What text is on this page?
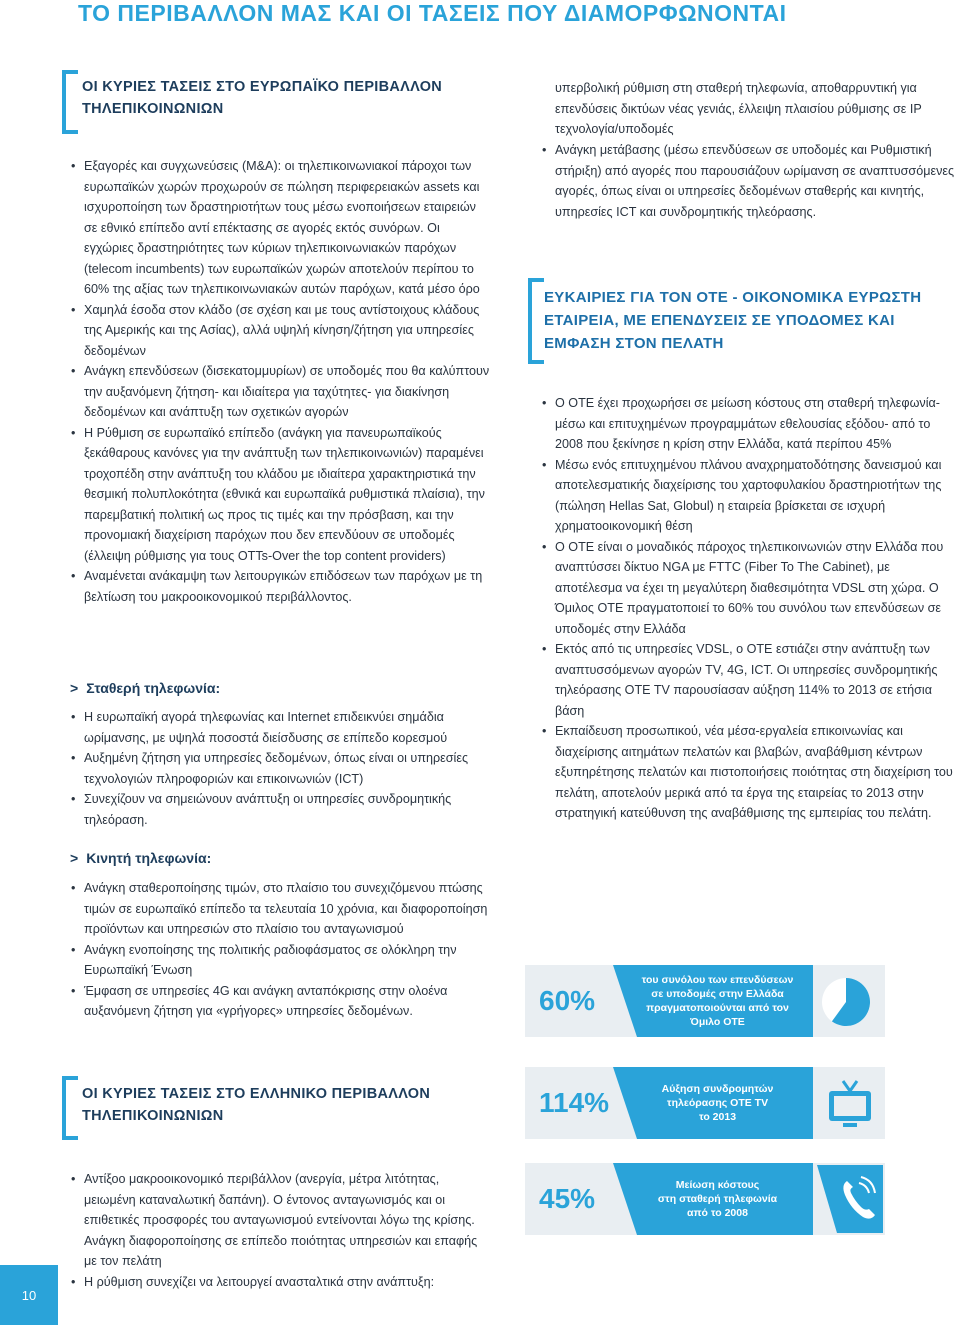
ΤΟ ΠΕΡΙΒΑΛΛΟΝ ΜΑΣ ΚΑΙ ΟΙ ΤΑΣΕΙΣ ΠΟΥ ΔΙΑΜΟΡΦΩΝΟΝΤΑΙ
ΟΙ ΚΥΡΙΕΣ ΤΑΣΕΙΣ ΣΤΟ ΕΥΡΩΠΑΪΚΟ ΠΕΡΙΒΑΛΛΟΝ
ΤΗΛΕΠΙΚΟΙΝΩΝΙΩΝ
• Εξαγορές και συγχωνεύσεις (M&A): οι τηλεπικοινωνιακοί πάροχοι των ευρωπαϊκών χωρών προχωρούν σε πώληση περιφερειακών assets και ισχυροποίηση των δραστηριοτήτων τους μέσω ενοποιήσεων εταιρειών σε εθνικό επίπεδο αντί επέκτασης σε αγορές εκτός συνόρων. Οι εγχώριες δραστηριότητες των κύριων τηλεπικοινωνιακών παρόχων (telecom incumbents) των ευρωπαϊκών χωρών αποτελούν περίπου το 60% της αξίας των τηλεπικοινωνιακών αυτών παρόχων, κατά μέσο όρο
• Χαμηλά έσοδα στον κλάδο (σε σχέση και με τους αντίστοιχους κλάδους της Αμερικής και της Ασίας), αλλά υψηλή κίνηση/ζήτηση για υπηρεσίες δεδομένων
• Ανάγκη επενδύσεων (δισεκατομμυρίων) σε υποδομές που θα καλύπτουν την αυξανόμενη ζήτηση- και ιδιαίτερα για ταχύτητες- για διακίνηση δεδομένων και ανάπτυξη των σχετικών αγορών
• Η Ρύθμιση σε ευρωπαϊκό επίπεδο (ανάγκη για πανευρωπαϊκούς ξεκάθαρους κανόνες για την ανάπτυξη των τηλεπικοινωνιών) παραμένει τροχοπέδη στην ανάπτυξη του κλάδου με ιδιαίτερα χαρακτηριστικά την θεσμική πολυπλοκότητα (εθνικά και ευρωπαϊκά ρυθμιστικά πλαίσια), την παρεμβατική πολιτική ως προς τις τιμές και την πρόσβαση, και την προνομιακή διαχείριση παρόχων που δεν επενδύουν σε υποδομές (έλλειψη ρύθμισης για τους OTTs-Over the top content providers)
• Αναμένεται ανάκαμψη των λειτουργικών επιδόσεων των παρόχων με τη βελτίωση του μακροοικονομικού περιβάλλοντος.
> Σταθερή τηλεφωνία:
• Η ευρωπαϊκή αγορά τηλεφωνίας και Internet επιδεικνύει σημάδια ωρίμανσης, με υψηλά ποσοστά διείσδυσης σε επίπεδο κορεσμού
• Αυξημένη ζήτηση για υπηρεσίες δεδομένων, όπως είναι οι υπηρεσίες τεχνολογιών πληροφοριών και επικοινωνιών (ICT)
• Συνεχίζουν να σημειώνουν ανάπτυξη οι υπηρεσίες συνδρομητικής τηλεόραση.
> Κινητή τηλεφωνία:
• Ανάγκη σταθεροποίησης τιμών, στο πλαίσιο του συνεχιζόμενου πτώσης τιμών σε ευρωπαϊκό επίπεδο τα τελευταία 10 χρόνια, και διαφοροποίηση προϊόντων και υπηρεσιών στο πλαίσιο του ανταγωνισμού
• Ανάγκη ενοποίησης της πολιτικής ραδιοφάσματος σε ολόκληρη την Ευρωπαϊκή Ένωση
• Έμφαση σε υπηρεσίες 4G και ανάγκη ανταπόκρισης στην ολοένα αυξανόμενη ζήτηση για «γρήγορες» υπηρεσίες δεδομένων.
ΟΙ ΚΥΡΙΕΣ ΤΑΣΕΙΣ ΣΤΟ ΕΛΛΗΝΙΚΟ ΠΕΡΙΒΑΛΛΟΝ
ΤΗΛΕΠΙΚΟΙΝΩΝΙΩΝ
• Αντίξοο μακροοικονομικό περιβάλλον (ανεργία, μέτρα λιτότητας, μειωμένη καταναλωτική δαπάνη). Ο έντονος ανταγωνισμός και οι επιθετικές προσφορές του ανταγωνισμού εντείνονται λόγω της κρίσης. Ανάγκη διαφοροποίησης σε επίπεδο ποιότητας υπηρεσιών και επαφής με τον πελάτη
• Η ρύθμιση συνεχίζει να λειτουργεί ανασταλτικά στην ανάπτυξη:
10
υπερβολική ρύθμιση στη σταθερή τηλεφωνία, αποθαρρυντική για επενδύσεις δικτύων νέας γενιάς, έλλειψη πλαισίου ρύθμισης σε IP τεχνολογία/υποδομές
• Ανάγκη μετάβασης (μέσω επενδύσεων σε υποδομές και Ρυθμιστική στήριξη) από αγορές που παρουσιάζουν ωρίμανση σε αναπτυσσόμενες αγορές, όπως είναι οι υπηρεσίες δεδομένων σταθερής και κινητής, υπηρεσίες ICT και συνδρομητικής τηλεόρασης.
ΕΥΚΑΙΡΙΕΣ ΓΙΑ ΤΟΝ ΟΤΕ - ΟΙΚΟΝΟΜΙΚΑ ΕΥΡΩΣΤΗ
ΕΤΑΙΡΕΙΑ, ΜΕ ΕΠΕΝΔΥΣΕΙΣ ΣΕ ΥΠΟΔΟΜΕΣ ΚΑΙ
ΕΜΦΑΣΗ ΣΤΟΝ ΠΕΛΑΤΗ
• Ο ΟΤΕ έχει προχωρήσει σε μείωση κόστους στη σταθερή τηλεφωνία- μέσω και επιτυχημένων προγραμμάτων εθελουσίας εξόδου- από το 2008 που ξεκίνησε η κρίση στην Ελλάδα, κατά περίπου 45%
• Μέσω ενός επιτυχημένου πλάνου αναχρηματοδότησης δανεισμού και αποτελεσματικής διαχείρισης του χαρτοφυλακίου δραστηριοτήτων της (πώληση Hellas Sat, Globul) η εταιρεία βρίσκεται σε ισχυρή χρηματοοικονομική θέση
• Ο ΟΤΕ είναι ο μοναδικός πάροχος τηλεπικοινωνιών στην Ελλάδα που αναπτύσσει δίκτυο NGA με FTTC (Fiber To The Cabinet), με αποτέλεσμα να έχει τη μεγαλύτερη διαθεσιμότητα VDSL στη χώρα. Ο Όμιλος ΟΤΕ πραγματοποιεί το 60% του συνόλου των επενδύσεων σε υποδομές στην Ελλάδα
• Εκτός από τις υπηρεσίες VDSL, ο ΟΤΕ εστιάζει στην ανάπτυξη των αναπτυσσόμενων αγορών TV, 4G, ICT. Οι υπηρεσίες συνδρομητικής τηλεόρασης OTE TV παρουσίασαν αύξηση 114% το 2013 σε ετήσια βάση
• Εκπαίδευση προσωπικού, νέα μέσα-εργαλεία επικοινωνίας και διαχείρισης αιτημάτων πελατών και βλαβών, αναβάθμιση κέντρων εξυπηρέτησης πελατών και πιστοποιήσεις ποιότητας στη διαχείριση του πελάτη, αποτελούν μερικά από τα έργα της εταιρείας το 2013 στην στρατηγική κατεύθυνση της αναβάθμισης της εμπειρίας του πελάτη.
60%
του συνόλου των επενδύσεων
σε υποδομές στην Ελλάδα
πραγματοποιούνται από τον
Όμιλο ΟΤΕ
114%	Αύξηση συνδρομητών
τηλεόρασης OTE TV
το 2013
45%	Μείωση κόστους
στη σταθερή τηλεφωνία
από το 2008
